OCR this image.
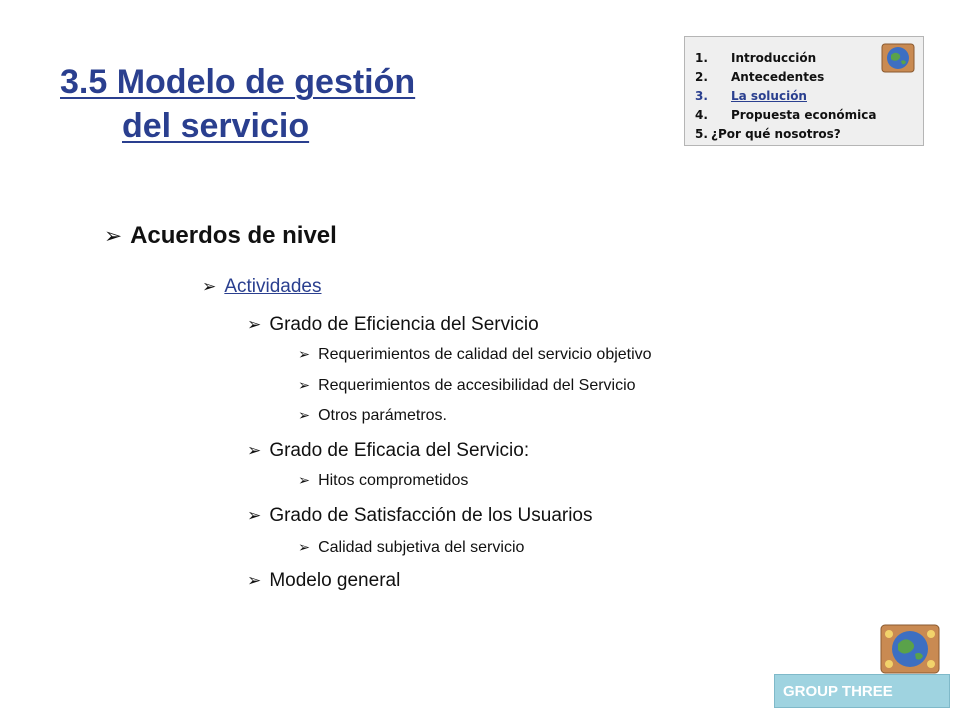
3.5 Modelo de gestión
del servicio
1.	Introducción
2.	Antecedentes
3.	La solución
4.	Propuesta económica
5. ¿Por qué nosotros?
➢ Acuerdos de nivel
➢ Actividades
➢ Grado de Eficiencia del Servicio
➢ Requerimientos de calidad del servicio objetivo
➢ Requerimientos de accesibilidad del Servicio
➢ Otros parámetros.
➢ Grado de Eficacia del Servicio:
➢ Hitos comprometidos
➢ Grado de Satisfacción de los Usuarios
➢ Calidad subjetiva del servicio
➢ Modelo general
GROUP THREE
